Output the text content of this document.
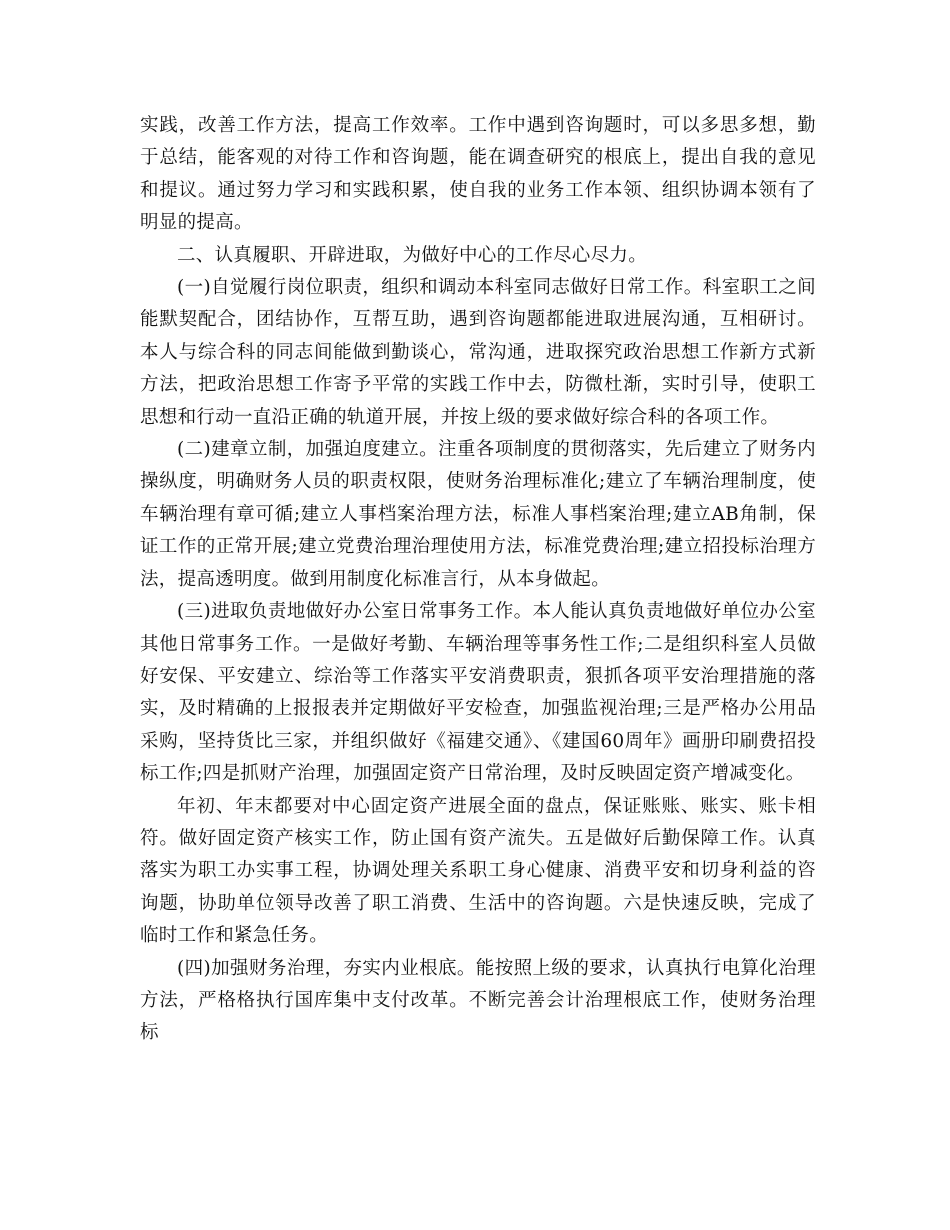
实践，改善工作方法，提高工作效率。工作中遇到咨询题时，可以多思多想，勤于总结，能客观的对待工作和咨询题，能在调查研究的根底上，提出自我的意见和提议。通过努力学习和实践积累，使自我的业务工作本领、组织协调本领有了明显的提高。

二、认真履职、开辟进取，为做好中心的工作尽心尽力。

(一)自觉履行岗位职责，组织和调动本科室同志做好日常工作。科室职工之间能默契配合，团结协作，互帮互助，遇到咨询题都能进取进展沟通，互相研讨。本人与综合科的同志间能做到勤谈心，常沟通，进取探究政治思想工作新方式新方法，把政治思想工作寄予平常的实践工作中去，防微杜渐，实时引导，使职工思想和行动一直沿正确的轨道开展，并按上级的要求做好综合科的各项工作。

(二)建章立制，加强迫度建立。注重各项制度的贯彻落实，先后建立了财务内操纵度，明确财务人员的职责权限，使财务治理标准化;建立了车辆治理制度，使车辆治理有章可循;建立人事档案治理方法，标准人事档案治理;建立AB角制，保证工作的正常开展;建立党费治理治理使用方法，标准党费治理;建立招投标治理方法，提高透明度。做到用制度化标准言行，从本身做起。

(三)进取负责地做好办公室日常事务工作。本人能认真负责地做好单位办公室其他日常事务工作。一是做好考勤、车辆治理等事务性工作;二是组织科室人员做好安保、平安建立、综治等工作落实平安消费职责，狠抓各项平安治理措施的落实，及时精确的上报报表并定期做好平安检查，加强监视治理;三是严格办公用品采购，坚持货比三家，并组织做好《福建交通》、《建国60周年》画册印刷费招投标工作;四是抓财产治理，加强固定资产日常治理，及时反映固定资产增减变化。

年初、年末都要对中心固定资产进展全面的盘点，保证账账、账实、账卡相符。做好固定资产核实工作，防止国有资产流失。五是做好后勤保障工作。认真落实为职工办实事工程，协调处理关系职工身心健康、消费平安和切身利益的咨询题，协助单位领导改善了职工消费、生活中的咨询题。六是快速反映，完成了临时工作和紧急任务。

(四)加强财务治理，夯实内业根底。能按照上级的要求，认真执行电算化治理方法，严格格执行国库集中支付改革。不断完善会计治理根底工作，使财务治理标
